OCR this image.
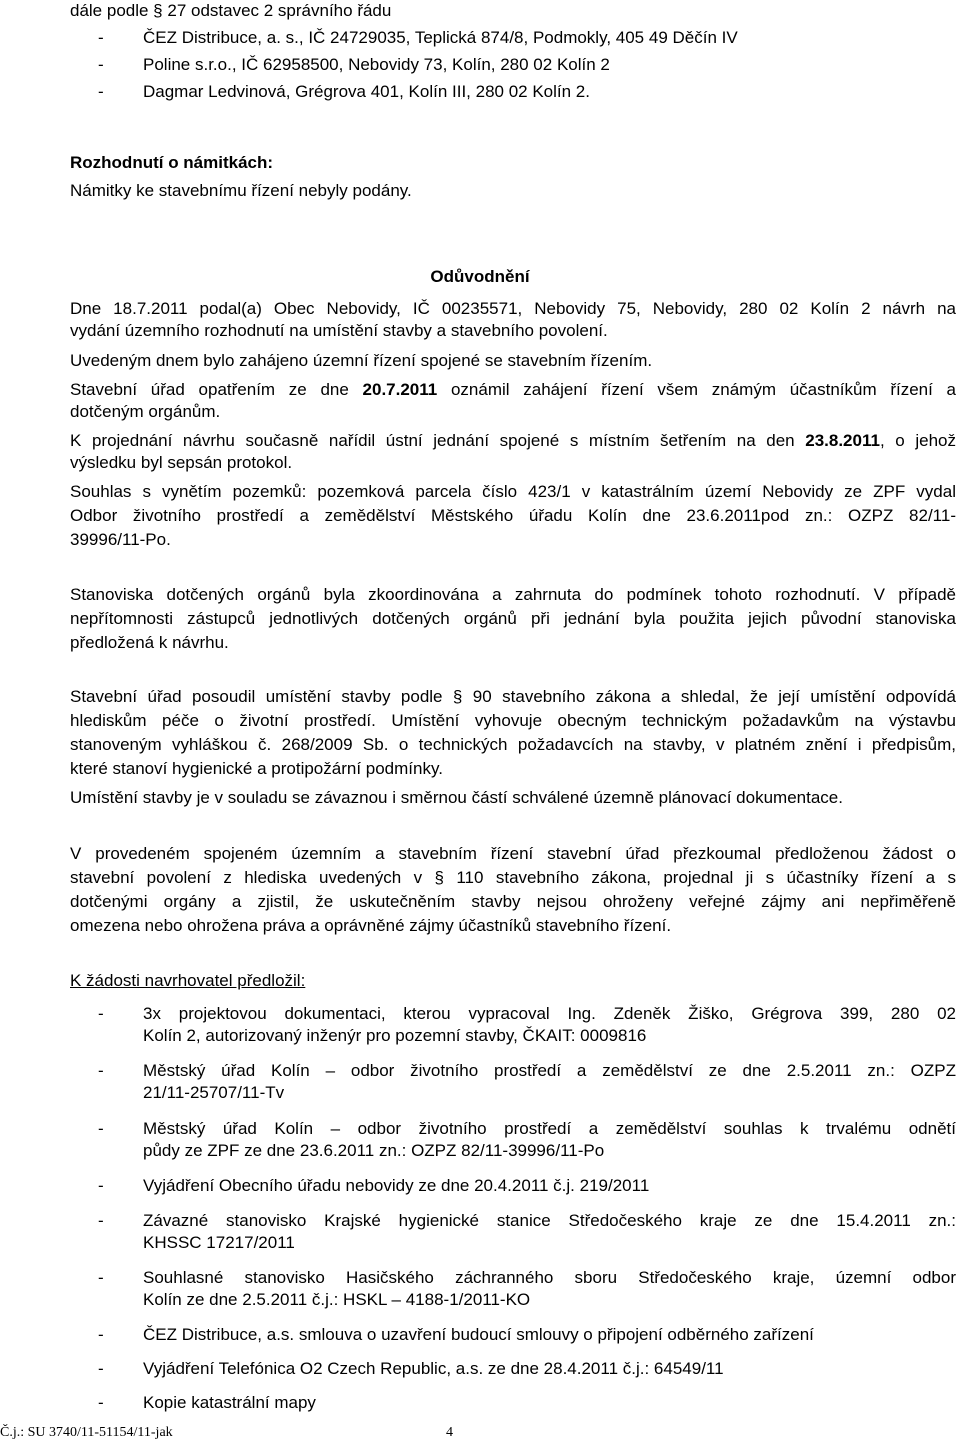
dále podle § 27 odstavec 2 správního řádu
- ČEZ Distribuce, a. s., IČ 24729035, Teplická 874/8, Podmokly, 405 49 Děčín IV
- Poline s.r.o., IČ 62958500, Nebovidy 73, Kolín, 280 02 Kolín 2
- Dagmar Ledvinová, Grégrova 401, Kolín III, 280 02 Kolín 2.
Rozhodnutí o námitkách:
Námitky ke stavebnímu řízení nebyly podány.
Odůvodnění
Dne 18.7.2011 podal(a) Obec Nebovidy, IČ 00235571, Nebovidy 75, Nebovidy, 280 02 Kolín 2 návrh na
vydání územního rozhodnutí na umístění stavby a stavebního povolení.
Uvedeným dnem bylo zahájeno územní řízení spojené se stavebním řízením.
Stavební úřad opatřením ze dne 20.7.2011 oznámil zahájení řízení všem známým účastníkům řízení a
dotčeným orgánům.
K projednání návrhu současně nařídil ústní jednání spojené s místním šetřením na den 23.8.2011, o jehož
výsledku byl sepsán protokol.
Souhlas s vynětím pozemků: pozemková parcela číslo 423/1 v katastrálním území Nebovidy ze ZPF vydal
Odbor životního prostředí a zemědělství Městského úřadu Kolín dne 23.6.2011pod zn.: OZPZ 82/11-
39996/11-Po.
Stanoviska dotčených orgánů byla zkoordinována a zahrnuta do podmínek tohoto rozhodnutí. V případě
nepřítomnosti zástupců jednotlivých dotčených orgánů při jednání byla použita jejich původní stanoviska
předložená k návrhu.
Stavební úřad posoudil umístění stavby podle § 90 stavebního zákona a shledal, že její umístění odpovídá
hlediskům péče o životní prostředí. Umístění vyhovuje obecným technickým požadavkům na výstavbu
stanoveným vyhláškou č. 268/2009 Sb. o technických požadavcích na stavby, v platném znění i předpisům,
které stanoví hygienické a protipožární podmínky.
Umístění stavby je v souladu se závaznou i směrnou částí schválené územně plánovací dokumentace.
V provedeném spojeném územním a stavebním řízení stavební úřad přezkoumal předloženou žádost o
stavební povolení z hlediska uvedených v § 110 stavebního zákona, projednal ji s účastníky řízení a s
dotčenými orgány a zjistil, že uskutečněním stavby nejsou ohroženy veřejné zájmy ani nepřiměřeně
omezena nebo ohrožena práva a oprávněné zájmy účastníků stavebního řízení.
K žádosti navrhovatel předložil:
- 3x projektovou dokumentaci, kterou vypracoval Ing. Zdeněk Žiško, Grégrova 399, 280 02
Kolín 2, autorizovaný inženýr pro pozemní stavby, ČKAIT: 0009816
- Městský úřad Kolín – odbor životního prostředí a zemědělství ze dne 2.5.2011 zn.: OZPZ
21/11-25707/11-Tv
- Městský úřad Kolín – odbor životního prostředí a zemědělství souhlas k trvalému odnětí
půdy ze ZPF ze dne 23.6.2011 zn.: OZPZ 82/11-39996/11-Po
- Vyjádření Obecního úřadu nebovidy ze dne 20.4.2011 č.j. 219/2011
- Závazné stanovisko Krajské hygienické stanice Středočeského kraje ze dne 15.4.2011 zn.:
KHSSC 17217/2011
- Souhlasné stanovisko Hasičského záchranného sboru Středočeského kraje, územní odbor
Kolín ze dne 2.5.2011 č.j.: HSKL – 4188-1/2011-KO
- ČEZ Distribuce, a.s. smlouva o uzavření budoucí smlouvy o připojení odběrného zařízení
- Vyjádření Telefónica O2 Czech Republic, a.s. ze dne 28.4.2011 č.j.: 64549/11
- Kopie katastrální mapy
Č.j.: SU 3740/11-51154/11-jak	4
